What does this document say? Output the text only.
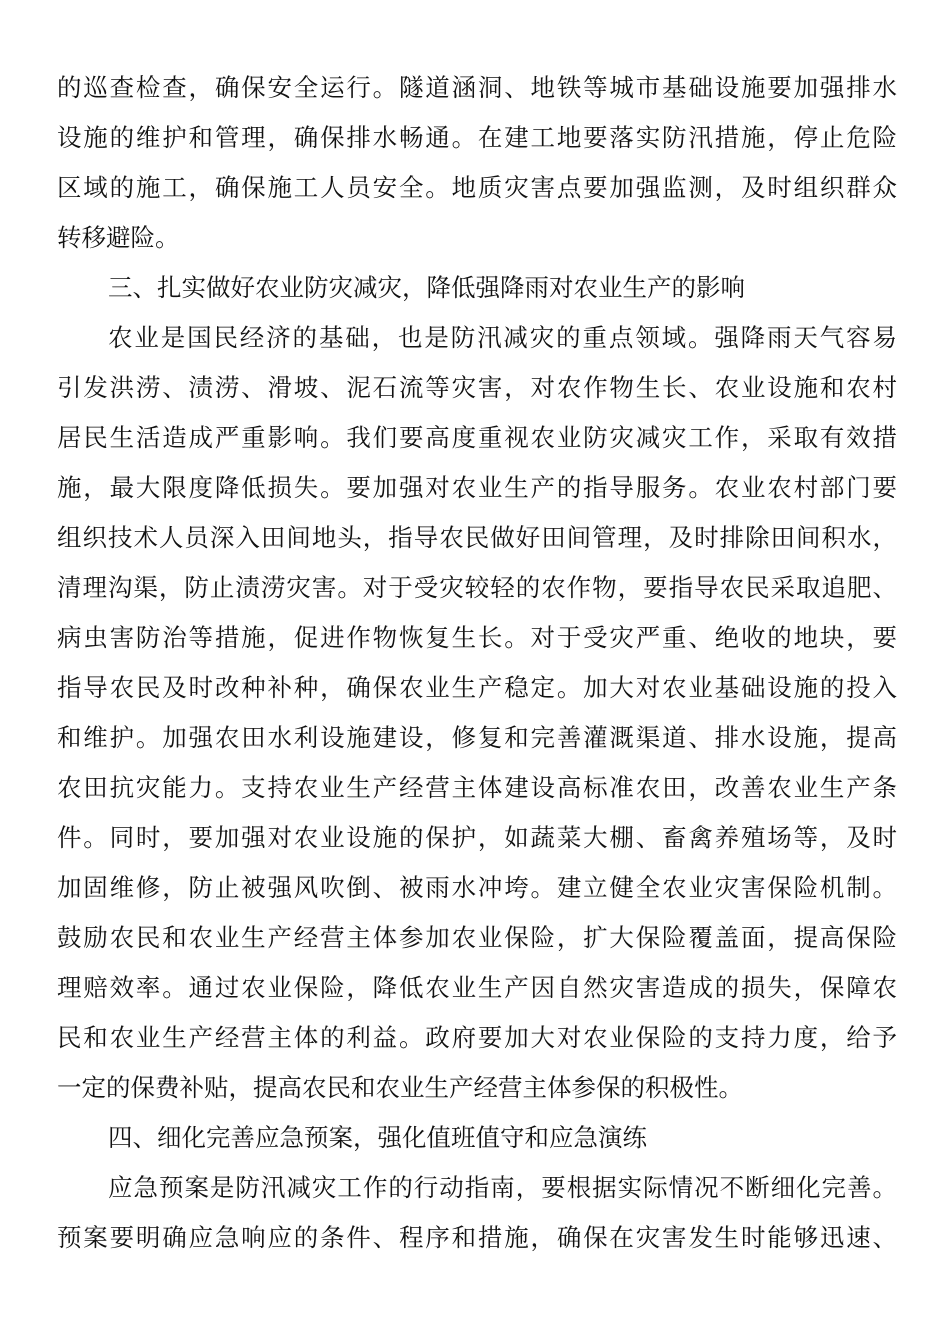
的巡查检查，确保安全运行。隧道涵洞、地铁等城市基础设施要加强排水
设施的维护和管理，确保排水畅通。在建工地要落实防汛措施，停止危险
区域的施工，确保施工人员安全。地质灾害点要加强监测，及时组织群众
转移避险。
三、扎实做好农业防灾减灾，降低强降雨对农业生产的影响
农业是国民经济的基础，也是防汛减灾的重点领域。强降雨天气容易
引发洪涝、渍涝、滑坡、泥石流等灾害，对农作物生长、农业设施和农村
居民生活造成严重影响。我们要高度重视农业防灾减灾工作，采取有效措
施，最大限度降低损失。要加强对农业生产的指导服务。农业农村部门要
组织技术人员深入田间地头，指导农民做好田间管理，及时排除田间积水，
清理沟渠，防止渍涝灾害。对于受灾较轻的农作物，要指导农民采取追肥、
病虫害防治等措施，促进作物恢复生长。对于受灾严重、绝收的地块，要
指导农民及时改种补种，确保农业生产稳定。加大对农业基础设施的投入
和维护。加强农田水利设施建设，修复和完善灌溉渠道、排水设施，提高
农田抗灾能力。支持农业生产经营主体建设高标准农田，改善农业生产条
件。同时，要加强对农业设施的保护，如蔬菜大棚、畜禽养殖场等，及时
加固维修，防止被强风吹倒、被雨水冲垮。建立健全农业灾害保险机制。
鼓励农民和农业生产经营主体参加农业保险，扩大保险覆盖面，提高保险
理赔效率。通过农业保险，降低农业生产因自然灾害造成的损失，保障农
民和农业生产经营主体的利益。政府要加大对农业保险的支持力度，给予
一定的保费补贴，提高农民和农业生产经营主体参保的积极性。
四、细化完善应急预案，强化值班值守和应急演练
应急预案是防汛减灾工作的行动指南，要根据实际情况不断细化完善。
预案要明确应急响应的条件、程序和措施，确保在灾害发生时能够迅速、
